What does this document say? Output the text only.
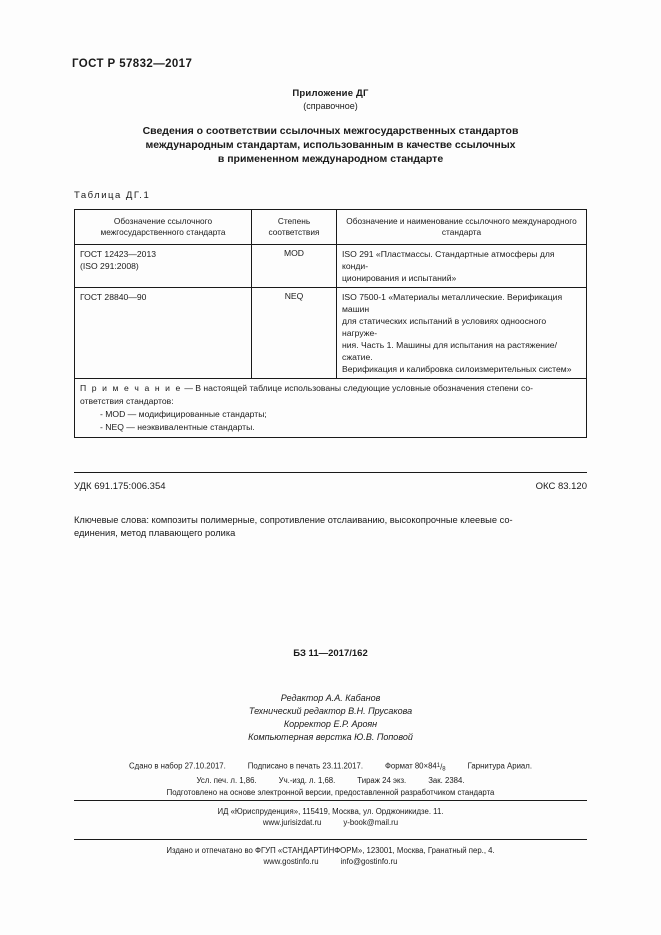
ГОСТ Р 57832—2017
Приложение ДГ
(справочное)
Сведения о соответствии ссылочных межгосударственных стандартов
международным стандартам, использованным в качестве ссылочных
в примененном международном стандарте
Таблица ДГ.1
Обозначение ссылочного межгосударственного стандарта	Степень соответствия	Обозначение и наименование ссылочного международного стандарта
ГОСТ 12423—2013
(ISO 291:2008)	MOD	ISO 291 «Пластмассы. Стандартные атмосферы для конди-
ционирования и испытаний»
ГОСТ 28840—90	NEQ	ISO 7500-1 «Материалы металлические. Верификация машин
для статических испытаний в условиях одноосного нагруже-
ния. Часть 1. Машины для испытания на растяжение/сжатие.
Верификация и калибровка силоизмерительных систем»

П р и м е ч а н и е — В настоящей таблице использованы следующие условные обозначения степени со-
ответствия стандартов:
- MOD — модифицированные стандарты;
- NEQ — неэквивалентные стандарты.		
УДК 691.175:006.354	ОКС 83.120
Ключевые слова: композиты полимерные, сопротивление отслаиванию, высокопрочные клеевые со-
единения, метод плавающего ролика
БЗ 11—2017/162
Редактор А.А. Кабанов
Технический редактор В.Н. Прусакова
Корректор Е.Р. Ароян
Компьютерная верстка Ю.В. Поповой
Сдано в набор 27.10.2017.	Подписано в печать 23.11.2017.	Формат $80\times 84^1/_8$	Гарнитура Ариал.
Усл. печ. л. 1,86.	Уч.-изд. л. 1,68.	Тираж 24 экз.	Зак. 2384.
Подготовлено на основе электронной версии, предоставленной разработчиком стандарта
ИД «Юриспруденция», 115419, Москва, ул. Орджоникидзе. 11.
www.jurisizdat.ru	y-book@mail.ru
Издано и отпечатано во ФГУП «СТАНДАРТИНФОРМ», 123001, Москва, Гранатный пер., 4.
www.gostinfo.ru	info@gostinfo.ru
